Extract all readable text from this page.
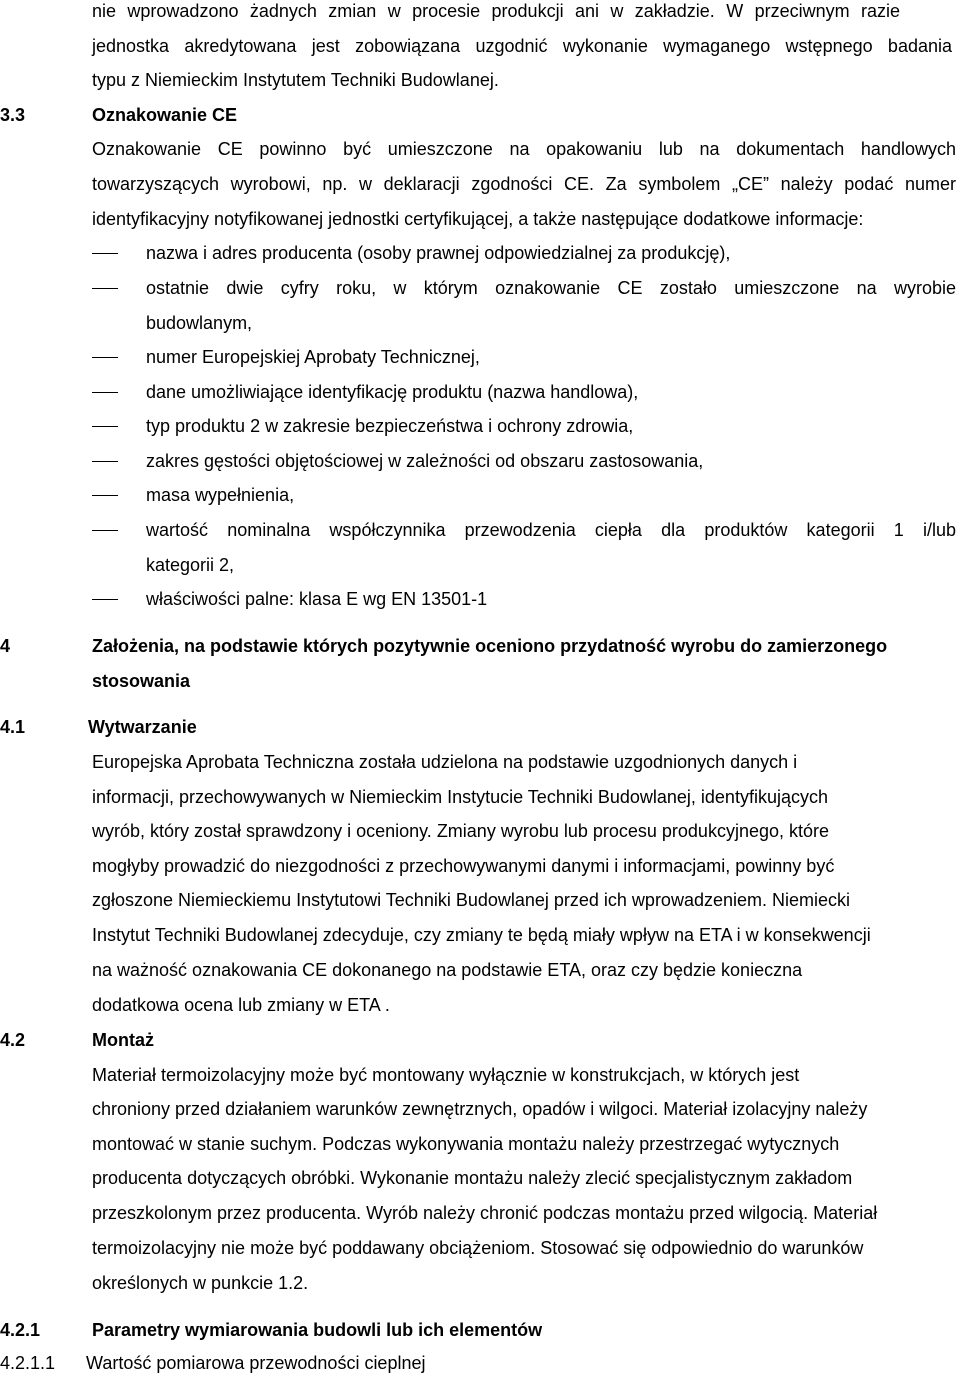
nie wprowadzono żadnych zmian w procesie produkcji ani w zakładzie. W przeciwnym razie
jednostka akredytowana jest zobowiązana uzgodnić wykonanie wymaganego wstępnego badania
typu z Niemieckim Instytutem Techniki Budowlanej.
3.3	Oznakowanie CE
Oznakowanie CE powinno być umieszczone na opakowaniu lub na dokumentach handlowych
towarzyszących wyrobowi, np. w deklaracji zgodności CE. Za symbolem „CE” należy podać numer
identyfikacyjny notyfikowanej jednostki certyfikującej, a także następujące dodatkowe informacje:
nazwa i adres producenta (osoby prawnej odpowiedzialnej za produkcję),
ostatnie dwie cyfry roku, w którym oznakowanie CE zostało umieszczone na wyrobie
budowlanym,
numer Europejskiej Aprobaty Technicznej,
dane umożliwiające identyfikację produktu (nazwa handlowa),
typ produktu 2 w zakresie bezpieczeństwa i ochrony zdrowia,
zakres gęstości objętościowej w zależności od obszaru zastosowania,
masa wypełnienia,
wartość nominalna współczynnika przewodzenia ciepła dla produktów kategorii 1 i/lub
kategorii 2,
właściwości palne: klasa E wg EN 13501-1
4	Założenia, na podstawie których pozytywnie oceniono przydatność wyrobu do zamierzonego
stosowania
4.1	Wytwarzanie
Europejska Aprobata Techniczna została udzielona na podstawie uzgodnionych danych i
informacji, przechowywanych w Niemieckim Instytucie Techniki Budowlanej, identyfikujących
wyrób, który został sprawdzony i oceniony. Zmiany wyrobu lub procesu produkcyjnego, które
mogłyby prowadzić do niezgodności z przechowywanymi danymi i informacjami, powinny być
zgłoszone Niemieckiemu Instytutowi Techniki Budowlanej przed ich wprowadzeniem. Niemiecki
Instytut Techniki Budowlanej zdecyduje, czy zmiany te będą miały wpływ na ETA i w konsekwencji
na ważność oznakowania CE dokonanego na podstawie ETA, oraz czy będzie konieczna
dodatkowa ocena lub zmiany w ETA .
4.2	Montaż
Materiał termoizolacyjny może być montowany wyłącznie w konstrukcjach, w których jest
chroniony przed działaniem warunków zewnętrznych, opadów i wilgoci. Materiał izolacyjny należy
montować w stanie suchym. Podczas wykonywania montażu należy przestrzegać wytycznych
producenta dotyczących obróbki. Wykonanie montażu należy zlecić specjalistycznym zakładom
przeszkolonym przez producenta. Wyrób należy chronić podczas montażu przed wilgocią. Materiał
termoizolacyjny nie może być poddawany obciążeniom. Stosować się odpowiednio do warunków
określonych w punkcie 1.2.
4.2.1	Parametry wymiarowania budowli lub ich elementów
4.2.1.1 Wartość pomiarowa przewodności cieplnej
